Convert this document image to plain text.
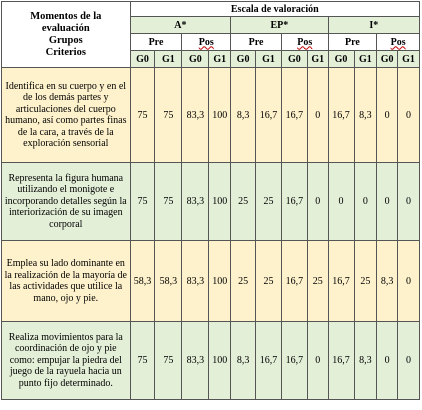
Momentos de la
evaluación
Grupos
Criterios	Escala de valoración											
	A*				EP*				I*			
	Pre		Pos		Pre		Pos		Pre		Pos	
	G0	G1	G0	G1	G0	G1	G0	G1	G0	G1	G0	G1
Identifica en su cuerpo y en el de los demás partes y articulaciones del cuerpo humano, así como partes finas de la cara, a través de la exploración sensorial	75	75	83,3	100	8,3	16,7	16,7	0	16,7	8,3	0	0
Representa la figura humana utilizando el monigote e incorporando detalles según la interiorización de su imagen corporal	75	75	83,3	100	25	25	16,7	0	0	0	0	0
Emplea su lado dominante en la realización de la mayoría de las actividades que utilice la mano, ojo y pie.	58,3	58,3	83,3	100	25	25	16,7	25	16,7	25	8,3	0
Realiza movimientos para la coordinación de ojo y pie como: empujar la piedra del juego de la rayuela hacia un punto fijo determinado.	75	75	83,3	100	8,3	16,7	16,7	0	16,7	8,3	0	0
